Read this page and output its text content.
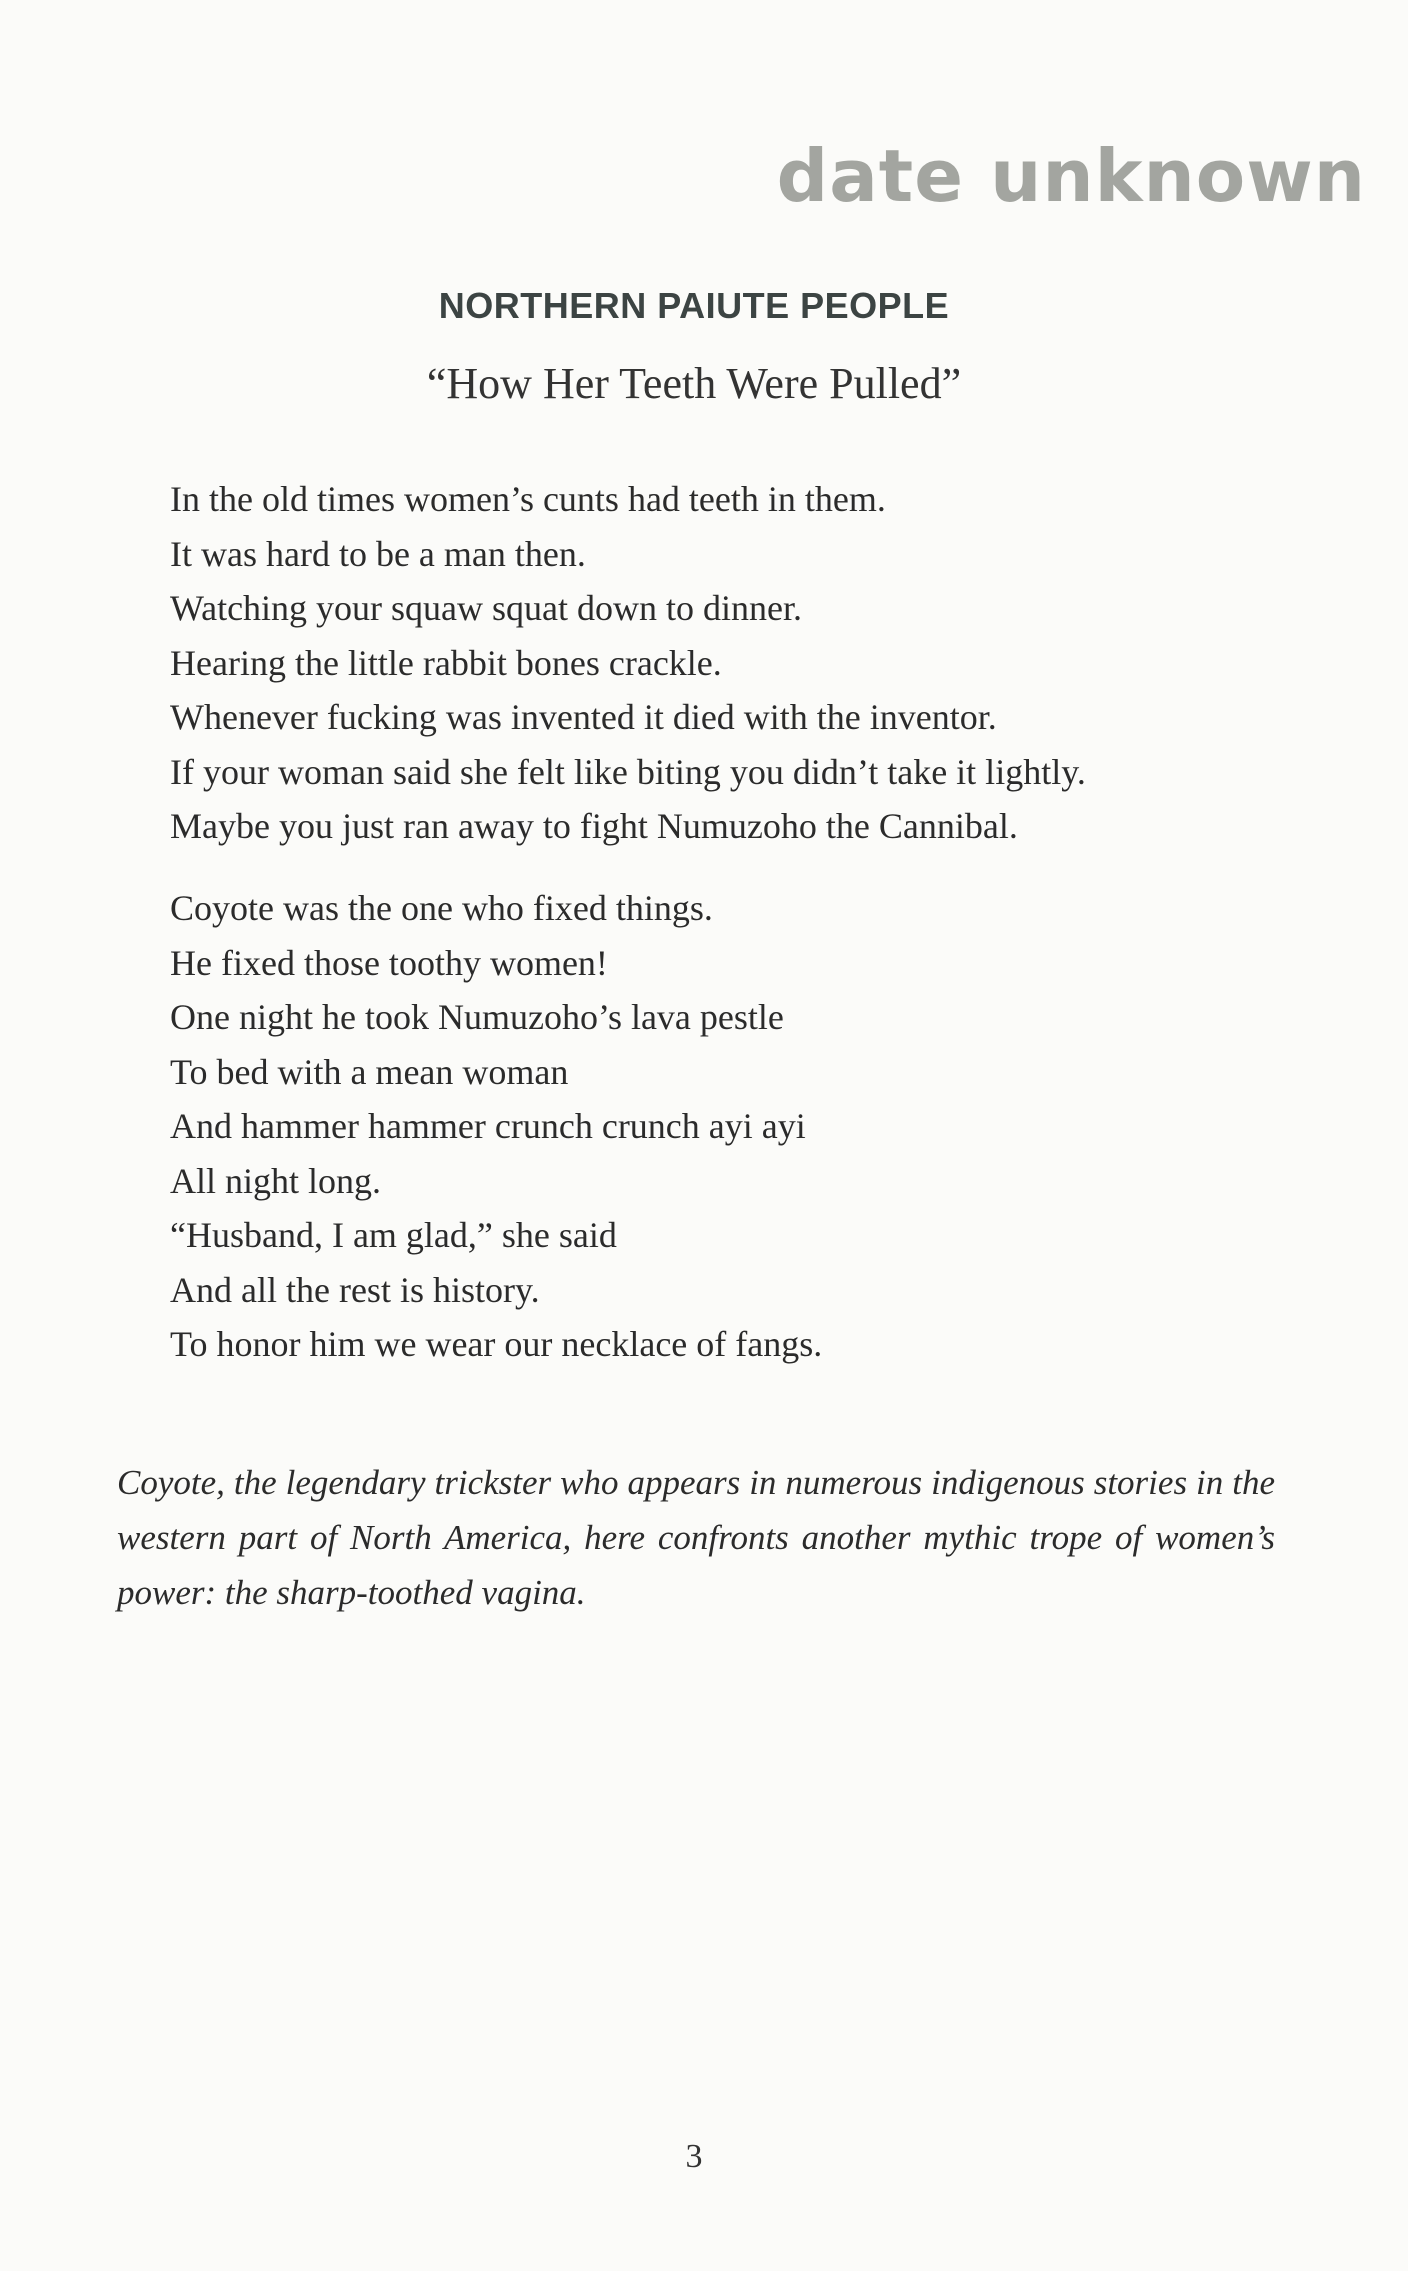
date unknown
NORTHERN PAIUTE PEOPLE
“How Her Teeth Were Pulled”
In the old times women’s cunts had teeth in them.
It was hard to be a man then.
Watching your squaw squat down to dinner.
Hearing the little rabbit bones crackle.
Whenever fucking was invented it died with the inventor.
If your woman said she felt like biting you didn’t take it lightly.
Maybe you just ran away to fight Numuzoho the Cannibal.
Coyote was the one who fixed things.
He fixed those toothy women!
One night he took Numuzoho’s lava pestle
To bed with a mean woman
And hammer hammer crunch crunch ayi ayi
All night long.
“Husband, I am glad,” she said
And all the rest is history.
To honor him we wear our necklace of fangs.

Coyote, the legendary trickster who appears in numerous indigenous stories in the western part of North America, here confronts another mythic trope of women’s power: the sharp-toothed vagina.

3
